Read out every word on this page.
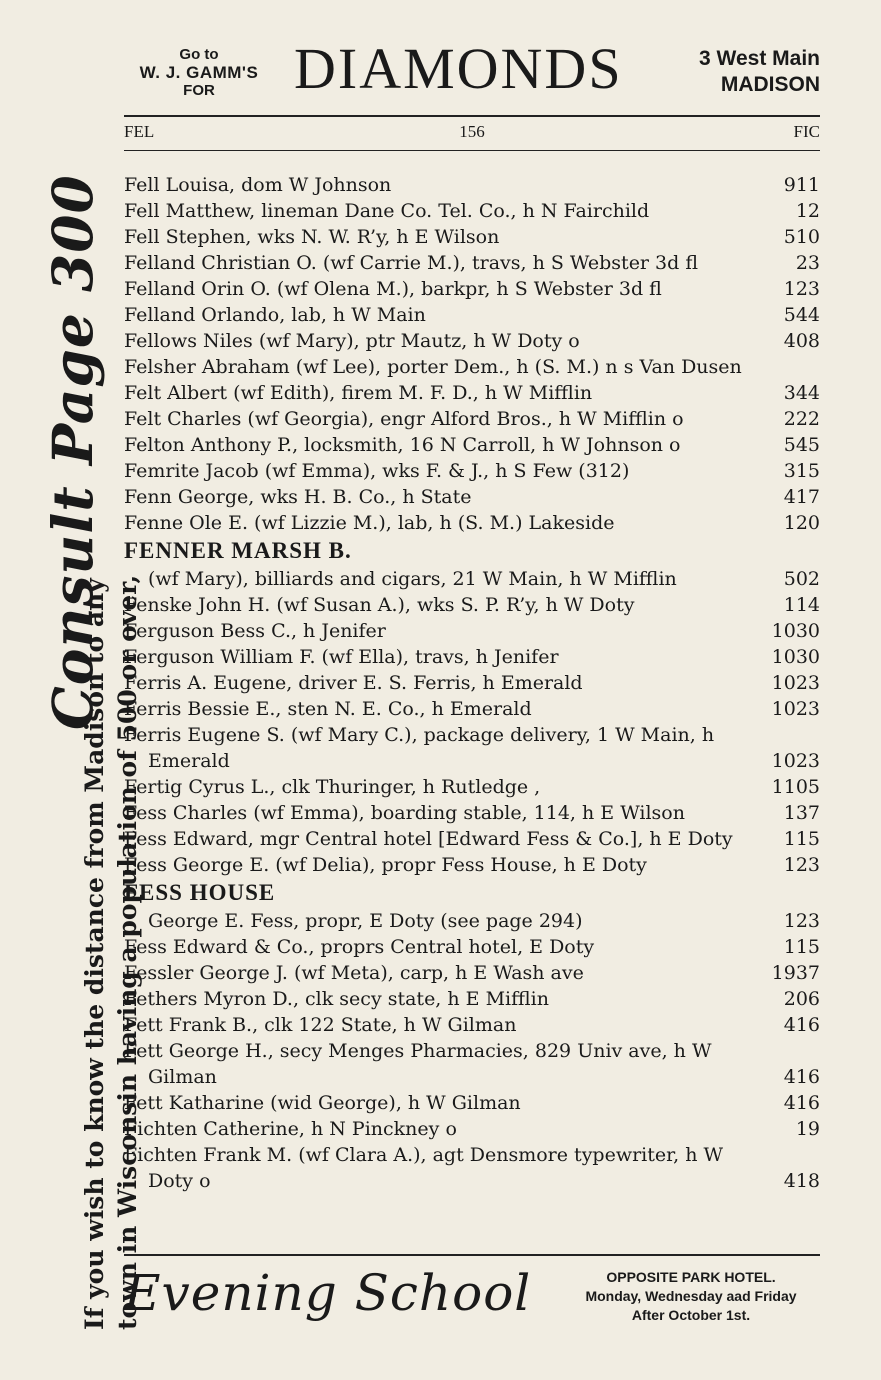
Consult Page 300
If you wish to know the distance from Madison to any town in Wisconsin having a population of 500 or over,
Go to
W. J. GAMM'S
FOR	DIAMONDS	3 West Main
MADISON
FEL	156	FIC
Fell Louisa, dom W Johnson	911
Fell Matthew, lineman Dane Co. Tel. Co., h N Fairchild	12
Fell Stephen, wks N. W. R’y, h E Wilson	510
Felland Christian O. (wf Carrie M.), travs, h S Webster 3d fl	23
Felland Orin O. (wf Olena M.), barkpr, h S Webster 3d fl	123
Felland Orlando, lab, h W Main	544
Fellows Niles (wf Mary), ptr Mautz, h W Doty o	408
Felsher Abraham (wf Lee), porter Dem., h (S. M.) n s Van Dusen
Felt Albert (wf Edith), firem M. F. D., h W Mifflin	344
Felt Charles (wf Georgia), engr Alford Bros., h W Mifflin o	222
Felton Anthony P., locksmith, 16 N Carroll, h W Johnson o	545
Femrite Jacob (wf Emma), wks F. & J., h S Few (312)	315
Fenn George, wks H. B. Co., h State	417
Fenne Ole E. (wf Lizzie M.), lab, h (S. M.) Lakeside	120
FENNER MARSH B.
(wf Mary), billiards and cigars, 21 W Main, h W Mifflin	502
Fenske John H. (wf Susan A.), wks S. P. R’y, h W Doty	114
Ferguson Bess C., h Jenifer	1030
Ferguson William F. (wf Ella), travs, h Jenifer	1030
Ferris A. Eugene, driver E. S. Ferris, h Emerald	1023
Ferris Bessie E., sten N. E. Co., h Emerald	1023
Ferris Eugene S. (wf Mary C.), package delivery, 1 W Main, h Emerald	1023
Fertig Cyrus L., clk Thuringer, h Rutledge ,	1105
Fess Charles (wf Emma), boarding stable, 114, h E Wilson	137
Fess Edward, mgr Central hotel [Edward Fess & Co.], h E Doty	115
Fess George E. (wf Delia), propr Fess House, h E Doty	123
FESS HOUSE
George E. Fess, propr, E Doty (see page 294)	123
Fess Edward & Co., proprs Central hotel, E Doty	115
Fessler George J. (wf Meta), carp, h E Wash ave	1937
Fethers Myron D., clk secy state, h E Mifflin	206
Fett Frank B., clk 122 State, h W Gilman	416
Fett George H., secy Menges Pharmacies, 829 Univ ave, h W Gilman	416
Fett Katharine (wid George), h W Gilman	416
Fichten Catherine, h N Pinckney o	19
Fichten Frank M. (wf Clara A.), agt Densmore typewriter, h W Doty o	418
Evening School	OPPOSITE PARK HOTEL.
Monday, Wednesday aad Friday
After October 1st.
